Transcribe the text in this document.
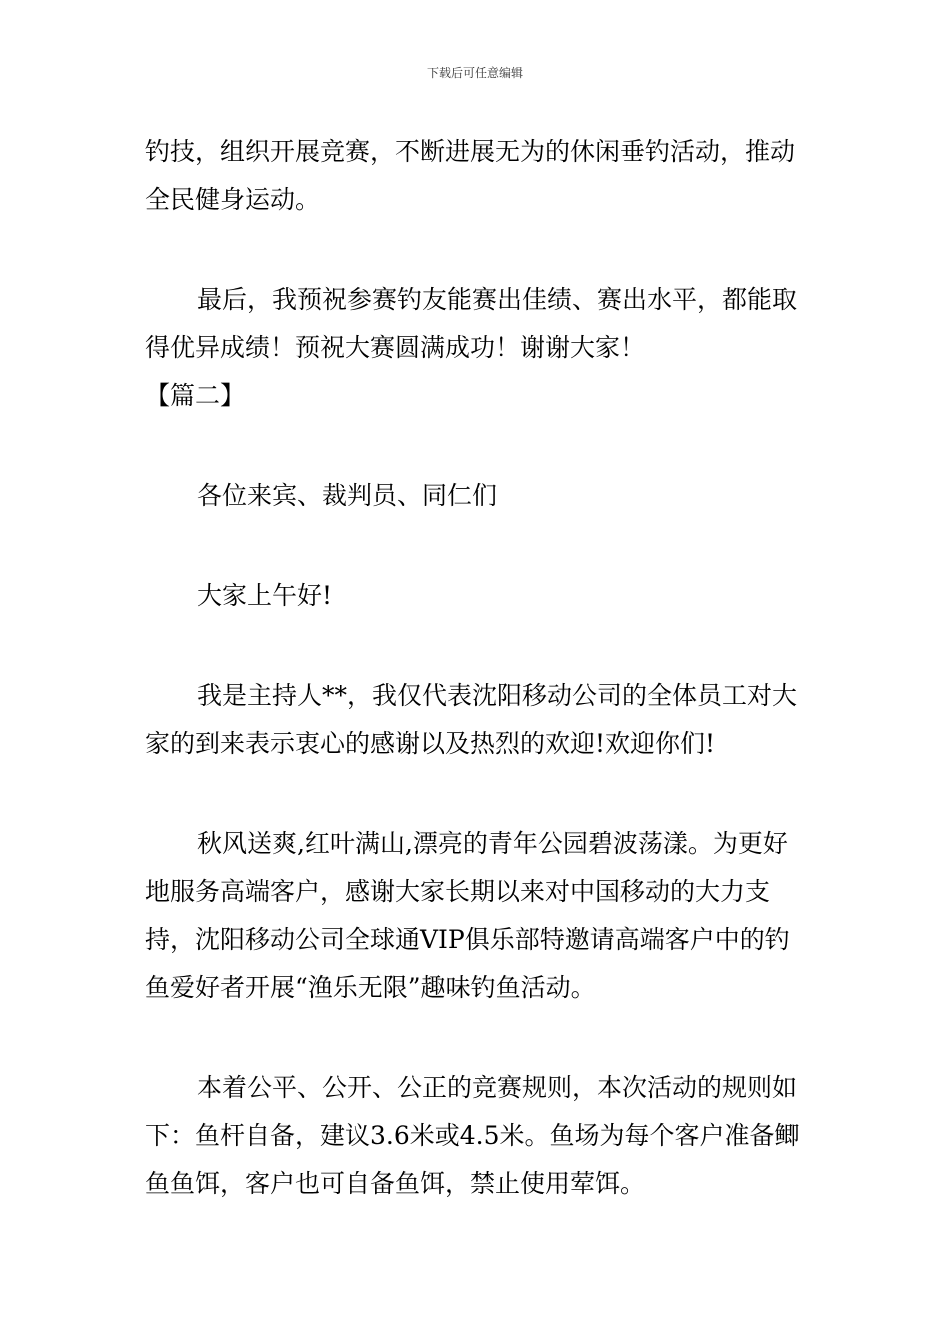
下载后可任意编辑

钓技，组织开展竞赛，不断进展无为的休闲垂钓活动，推动全民健身运动。

最后，我预祝参赛钓友能赛出佳绩、赛出水平，都能取得优异成绩！预祝大赛圆满成功！谢谢大家！

【篇二】

各位来宾、裁判员、同仁们

大家上午好!

我是主持人**，我仅代表沈阳移动公司的全体员工对大家的到来表示衷心的感谢以及热烈的欢迎!欢迎你们!

秋风送爽,红叶满山,漂亮的青年公园碧波荡漾。为更好地服务高端客户，感谢大家长期以来对中国移动的大力支持，沈阳移动公司全球通VIP俱乐部特邀请高端客户中的钓鱼爱好者开展“渔乐无限”趣味钓鱼活动。

本着公平、公开、公正的竞赛规则，本次活动的规则如下：鱼杆自备，建议3.6米或4.5米。鱼场为每个客户准备鲫鱼鱼饵，客户也可自备鱼饵，禁止使用荤饵。
